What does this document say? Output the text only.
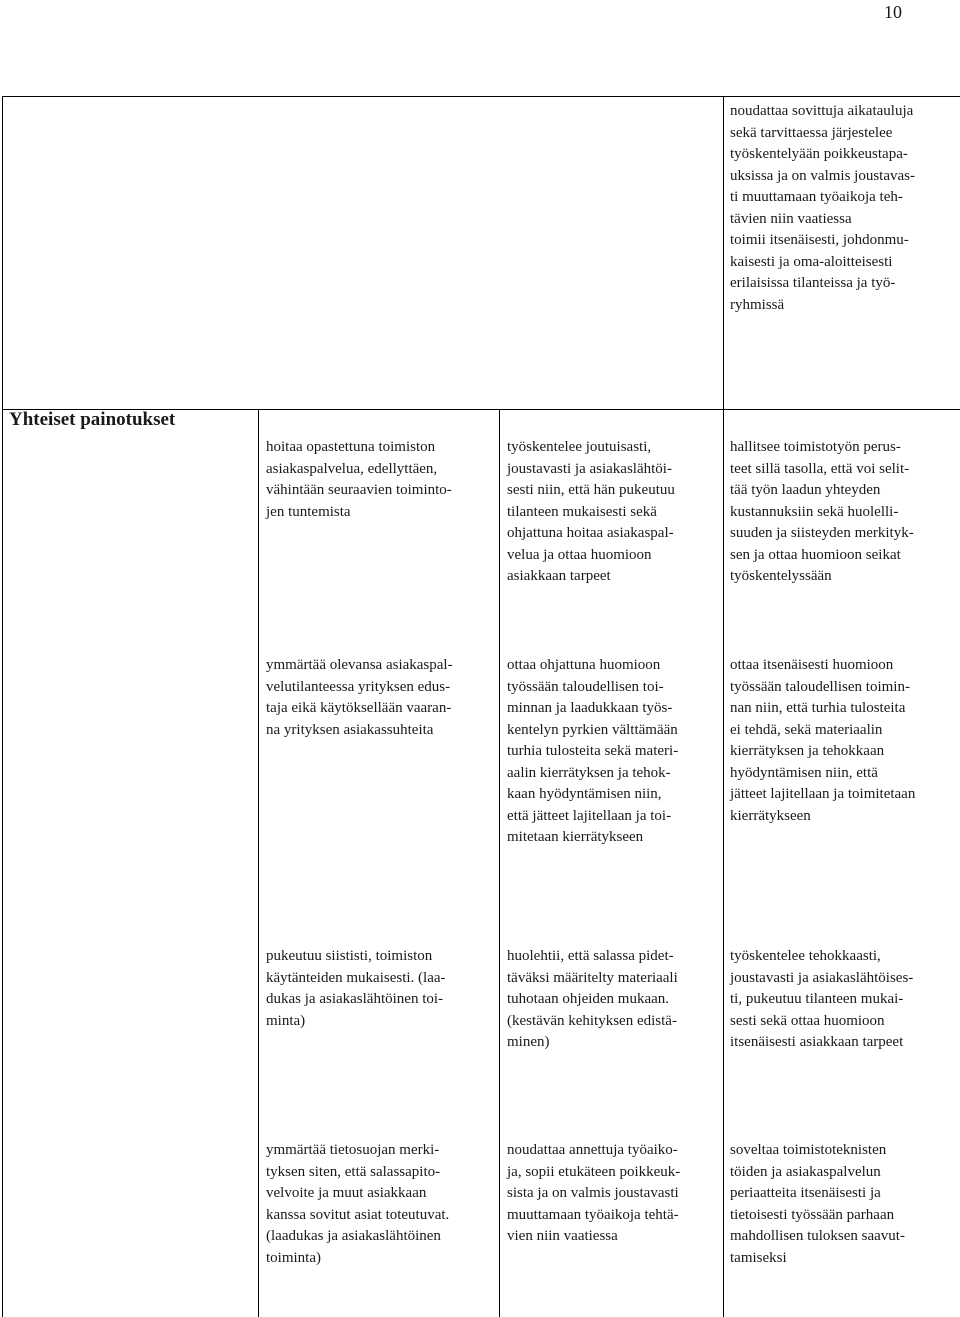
10
noudattaa sovittuja aikatauluja
sekä tarvittaessa järjestelee
työskentelyään poikkeustapa-
uksissa ja on valmis joustavas-
ti muuttamaan työaikoja teh-
tävien niin vaatiessa
toimii itsenäisesti, johdonmu-
kaisesti ja oma-aloitteisesti
erilaisissa tilanteissa ja työ-
ryhmissä
Yhteiset painotukset
hoitaa opastettuna toimiston
asiakaspalvelua, edellyttäen,
vähintään seuraavien toiminto-
jen tuntemista
työskentelee joutuisasti,
joustavasti ja asiakaslähtöi-
sesti niin, että hän pukeutuu
tilanteen mukaisesti sekä
ohjattuna hoitaa asiakaspal-
velua ja ottaa huomioon
asiakkaan tarpeet
hallitsee toimistotyön perus-
teet sillä tasolla, että voi selit-
tää työn laadun yhteyden
kustannuksiin sekä huolelli-
suuden ja siisteyden merkityk-
sen ja ottaa huomioon seikat
työskentelyssään
ymmärtää olevansa asiakaspal-
velutilanteessa yrityksen edus-
taja eikä käytöksellään vaaran-
na yrityksen asiakassuhteita
ottaa ohjattuna huomioon
työssään taloudellisen toi-
minnan ja laadukkaan työs-
kentelyn pyrkien välttämään
turhia tulosteita sekä materi-
aalin kierrätyksen ja tehok-
kaan hyödyntämisen niin,
että jätteet lajitellaan ja toi-
mitetaan kierrätykseen
ottaa itsenäisesti huomioon
työssään taloudellisen toimin-
nan niin, että turhia tulosteita
ei tehdä, sekä materiaalin
kierrätyksen ja tehokkaan
hyödyntämisen niin, että
jätteet lajitellaan ja toimitetaan
kierrätykseen
pukeutuu siististi, toimiston
käytänteiden mukaisesti. (laa-
dukas ja asiakaslähtöinen toi-
minta)
huolehtii, että salassa pidet-
täväksi määritelty materiaali
tuhotaan ohjeiden mukaan.
(kestävän kehityksen edistä-
minen)
työskentelee tehokkaasti,
joustavasti ja asiakaslähtöises-
ti, pukeutuu tilanteen mukai-
sesti sekä ottaa huomioon
itsenäisesti asiakkaan tarpeet
ymmärtää tietosuojan merki-
tyksen siten, että salassapito-
velvoite ja muut asiakkaan
kanssa sovitut asiat toteutuvat.
(laadukas ja asiakaslähtöinen
toiminta)
noudattaa annettuja työaiko-
ja, sopii etukäteen poikkeuk-
sista ja on valmis joustavasti
muuttamaan työaikoja tehtä-
vien niin vaatiessa
soveltaa toimistoteknisten
töiden ja asiakaspalvelun
periaatteita itsenäisesti ja
tietoisesti työssään parhaan
mahdollisen tuloksen saavut-
tamiseksi
